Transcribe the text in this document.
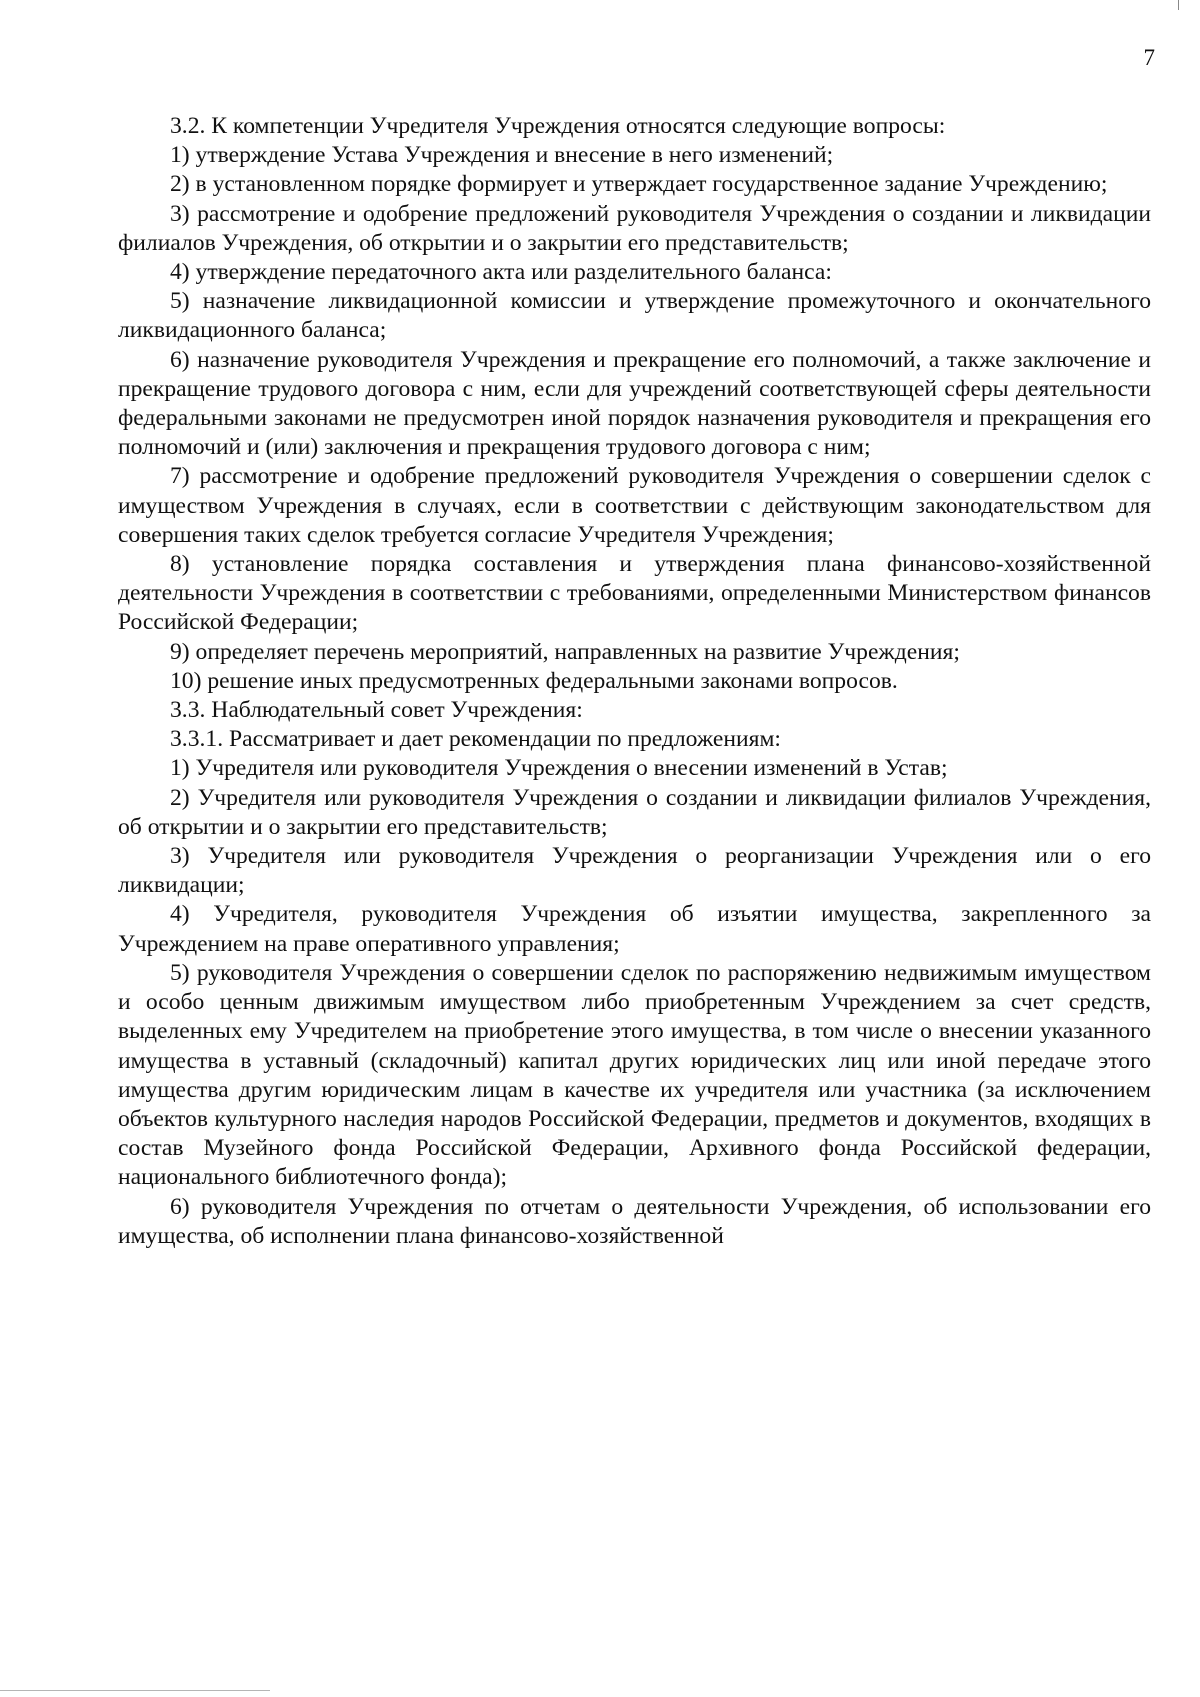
7

3.2. К компетенции Учредителя Учреждения относятся следующие вопросы:

1) утверждение Устава Учреждения и внесение в него изменений;

2) в установленном порядке формирует и утверждает государственное задание Учреждению;

3) рассмотрение и одобрение предложений руководителя Учреждения о создании и ликвидации филиалов Учреждения, об открытии и о закрытии его представительств;

4) утверждение передаточного акта или разделительного баланса:

5) назначение ликвидационной комиссии и утверждение промежуточного и окончательного ликвидационного баланса;

6) назначение руководителя Учреждения и прекращение его полномочий, а также заключение и прекращение трудового договора с ним, если для учреждений соответствующей сферы деятельности федеральными законами не предусмотрен иной порядок назначения руководителя и прекращения его полномочий и (или) заключения и прекращения трудового договора с ним;

7) рассмотрение и одобрение предложений руководителя Учреждения о совершении сделок с имуществом Учреждения в случаях, если в соответствии с действующим законодательством для совершения таких сделок требуется согласие Учредителя Учреждения;

8) установление порядка составления и утверждения плана финансово-хозяйственной деятельности Учреждения в соответствии с требованиями, определенными Министерством финансов Российской Федерации;

9) определяет перечень мероприятий, направленных на развитие Учреждения;

10) решение иных предусмотренных федеральными законами вопросов.

3.3. Наблюдательный совет Учреждения:

3.3.1. Рассматривает и дает рекомендации по предложениям:

1) Учредителя или руководителя Учреждения о внесении изменений в Устав;

2) Учредителя или руководителя Учреждения о создании и ликвидации филиалов Учреждения, об открытии и о закрытии его представительств;

3) Учредителя или руководителя Учреждения о реорганизации Учреждения или о его ликвидации;

4) Учредителя, руководителя Учреждения об изъятии имущества, закрепленного за Учреждением на праве оперативного управления;

5) руководителя Учреждения о совершении сделок по распоряжению недвижимым имуществом и особо ценным движимым имуществом либо приобретенным Учреждением за счет средств, выделенных ему Учредителем на приобретение этого имущества, в том числе о внесении указанного имущества в уставный (складочный) капитал других юридических лиц или иной передаче этого имущества другим юридическим лицам в качестве их учредителя или участника (за исключением объектов культурного наследия народов Российской Федерации, предметов и документов, входящих в состав Музейного фонда Российской Федерации, Архивного фонда Российской федерации, национального библиотечного фонда);

6) руководителя Учреждения по отчетам о деятельности Учреждения, об использовании его имущества, об исполнении плана финансово-хозяйственной
